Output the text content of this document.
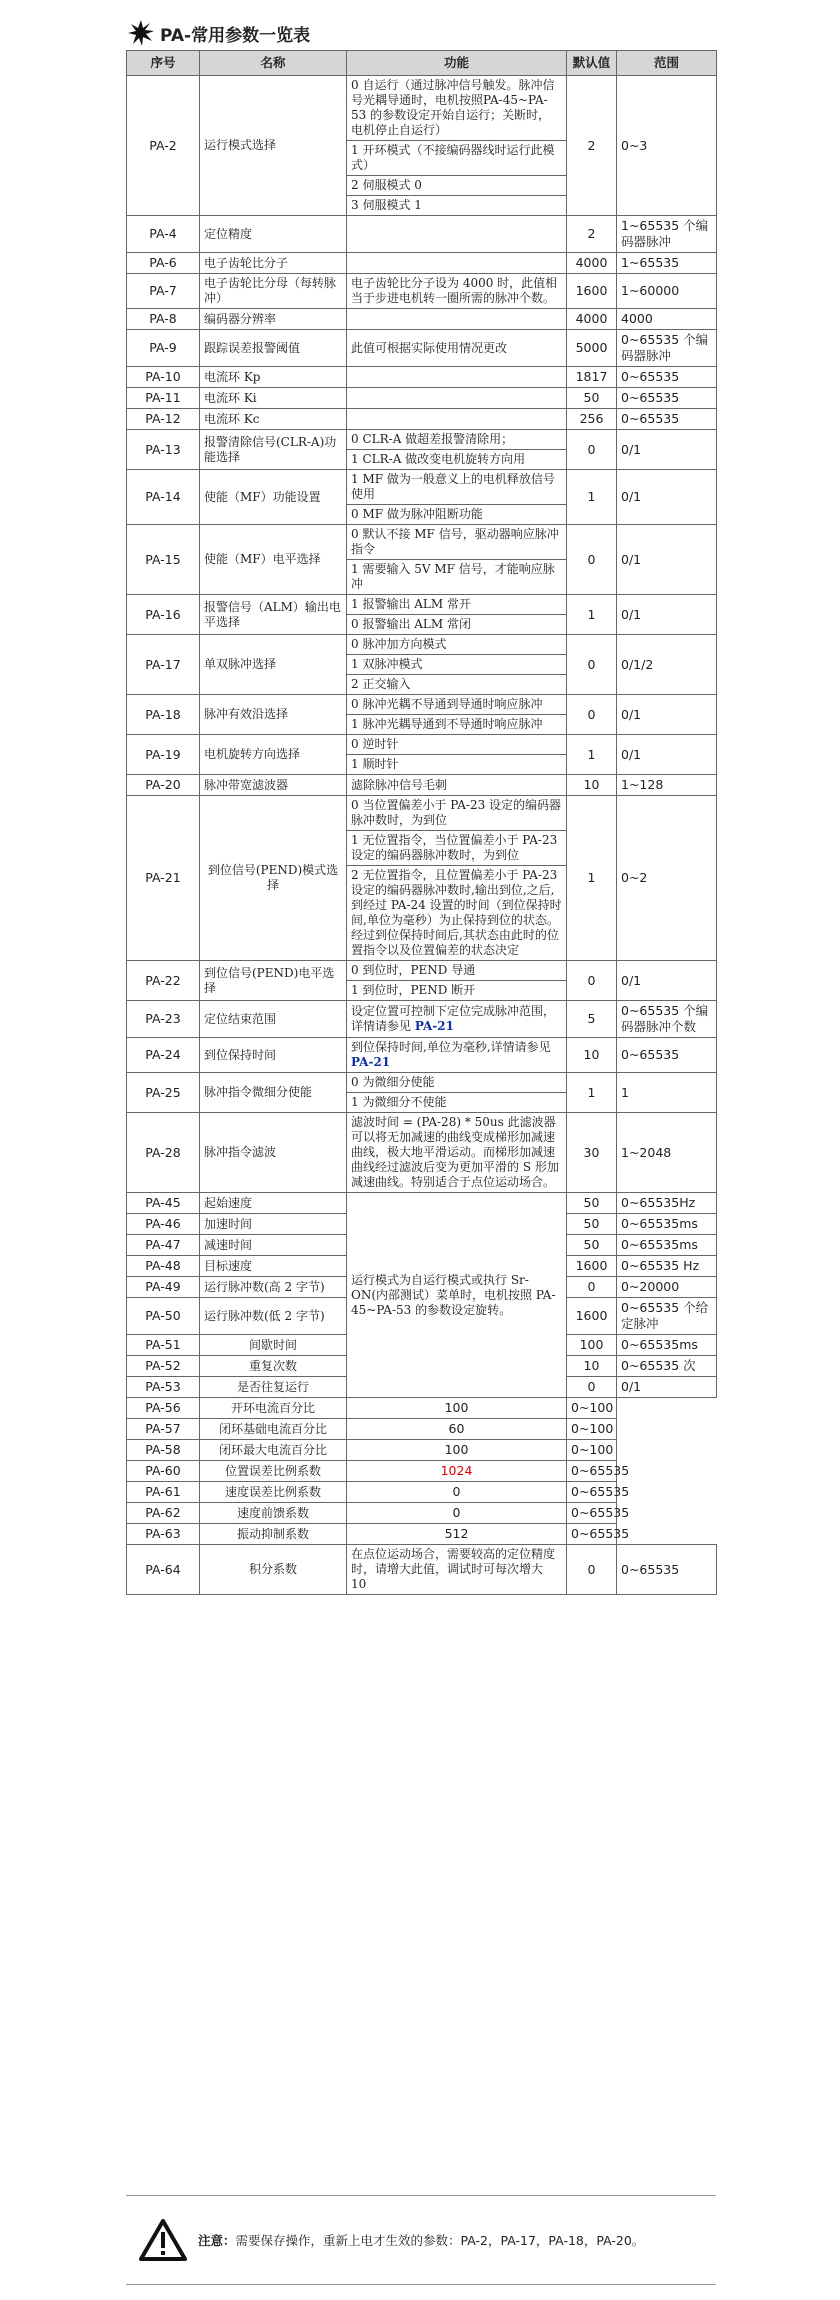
PA-常用参数一览表
序号	名称	功能	默认值	范围
PA-2	运行模式选择	0 自运行（通过脉冲信号触发。脉冲信号光耦导通时，电机按照PA-45~PA-53 的参数设定开始自运行；关断时，电机停止自运行）	2	0~3
		1 开环模式（不接编码器线时运行此模式）		
		2 伺服模式 0		
		3 伺服模式 1		
PA-4	定位精度		2	1~65535 个编码器脉冲
PA-6	电子齿轮比分子		4000	1~65535
PA-7	电子齿轮比分母（每转脉冲）	电子齿轮比分子设为 4000 时，此值相当于步进电机转一圈所需的脉冲个数。	1600	1~60000
PA-8	编码器分辨率		4000	4000
PA-9	跟踪误差报警阈值	此值可根据实际使用情况更改	5000	0~65535 个编码器脉冲
PA-10	电流环 Kp		1817	0~65535
PA-11	电流环 Ki		50	0~65535
PA-12	电流环 Kc		256	0~65535
PA-13	报警清除信号(CLR-A)功能选择	0 CLR-A 做超差报警清除用；	0	0/1
		1 CLR-A 做改变电机旋转方向用		
PA-14	使能（MF）功能设置	1 MF 做为一般意义上的电机释放信号使用	1	0/1
		0 MF 做为脉冲阻断功能		
PA-15	使能（MF）电平选择	0 默认不接 MF 信号，驱动器响应脉冲指令	0	0/1
		1 需要输入 5V MF 信号，才能响应脉冲		
PA-16	报警信号（ALM）输出电平选择	1 报警输出 ALM 常开	1	0/1
		0 报警输出 ALM 常闭		
PA-17	单双脉冲选择	0 脉冲加方向模式	0	0/1/2
		1 双脉冲模式		
		2 正交输入		
PA-18	脉冲有效沿选择	0 脉冲光耦不导通到导通时响应脉冲	0	0/1
		1 脉冲光耦导通到不导通时响应脉冲		
PA-19	电机旋转方向选择	0 逆时针	1	0/1
		1 顺时针		
PA-20	脉冲带宽滤波器	滤除脉冲信号毛刺	10	1~128
PA-21	到位信号(PEND)模式选择	0 当位置偏差小于 PA-23 设定的编码器脉冲数时，为到位	1	0~2
		1 无位置指令，当位置偏差小于 PA-23 设定的编码器脉冲数时，为到位		
		2 无位置指令，且位置偏差小于 PA-23 设定的编码器脉冲数时,输出到位,之后,到经过 PA-24 设置的时间（到位保持时间,单位为毫秒）为止保持到位的状态。经过到位保持时间后,其状态由此时的位置指令以及位置偏差的状态决定		
PA-22	到位信号(PEND)电平选择	0 到位时，PEND 导通	0	0/1
		1 到位时，PEND 断开		
PA-23	定位结束范围	设定位置可控制下定位完成脉冲范围，详情请参见 PA-21	5	0~65535 个编码器脉冲个数
PA-24	到位保持时间	到位保持时间,单位为毫秒,详情请参见 PA-21	10	0~65535
PA-25	脉冲指令微细分使能	0 为微细分使能	1	1
		1 为微细分不使能		
PA-28	脉冲指令滤波	滤波时间 = (PA-28) * 50us 此滤波器可以将无加减速的曲线变成梯形加减速曲线，极大地平滑运动。而梯形加减速曲线经过滤波后变为更加平滑的 S 形加减速曲线。特别适合于点位运动场合。	30	1~2048
PA-45	起始速度	运行模式为自运行模式或执行 Sr-ON(内部测试）菜单时，电机按照 PA-45~PA-53 的参数设定旋转。	50	0~65535Hz
PA-46	加速时间		50	0~65535ms
PA-47	减速时间		50	0~65535ms
PA-48	目标速度		1600	0~65535 Hz
PA-49	运行脉冲数(高 2 字节)		0	0~20000
PA-50	运行脉冲数(低 2 字节)		1600	0~65535 个给定脉冲
PA-51	间歇时间		100	0~65535ms
PA-52	重复次数		10	0~65535 次
PA-53	是否往复运行		0	0/1
PA-56	开环电流百分比	100	0~100	
PA-57	闭环基础电流百分比	60	0~100	
PA-58	闭环最大电流百分比	100	0~100	
PA-60	位置误差比例系数	1024	0~65535	
PA-61	速度误差比例系数	0	0~65535	
PA-62	速度前馈系数	0	0~65535	
PA-63	振动抑制系数	512	0~65535	
PA-64	积分系数	在点位运动场合，需要较高的定位精度时，请增大此值，调试时可每次增大 10	0	0~65535
注意：需要保存操作，重新上电才生效的参数：PA-2，PA-17，PA-18，PA-20。
